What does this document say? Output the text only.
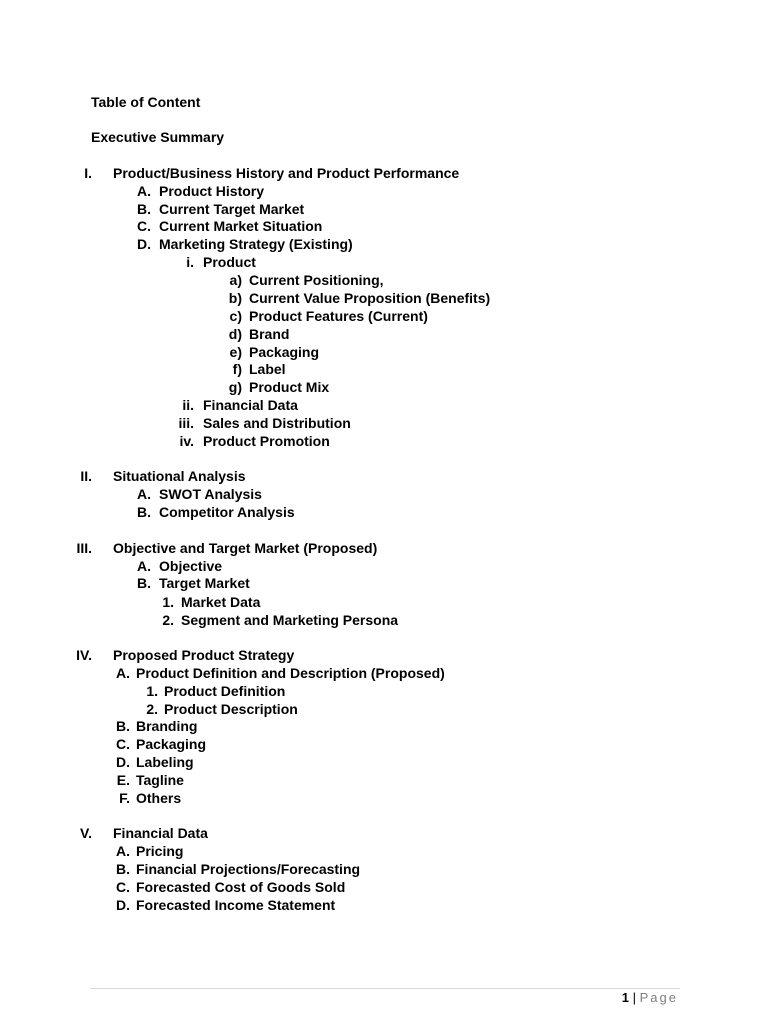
Table of Content
Executive Summary
I. Product/Business History and Product Performance
A. Product History
B. Current Target Market
C. Current Market Situation
D. Marketing Strategy (Existing)
i. Product
a) Current Positioning,
b) Current Value Proposition (Benefits)
c) Product Features (Current)
d) Brand
e) Packaging
f) Label
g) Product Mix
ii. Financial Data
iii. Sales and Distribution
iv. Product Promotion
II. Situational Analysis
A. SWOT Analysis
B. Competitor Analysis
III. Objective and Target Market (Proposed)
A. Objective
B. Target Market
1. Market Data
2. Segment and Marketing Persona
IV. Proposed Product Strategy
A. Product Definition and Description (Proposed)
1. Product Definition
2. Product Description
B. Branding
C. Packaging
D. Labeling
E. Tagline
F. Others
V. Financial Data
A. Pricing
B. Financial Projections/Forecasting
C. Forecasted Cost of Goods Sold
D. Forecasted Income Statement
1 | Page
